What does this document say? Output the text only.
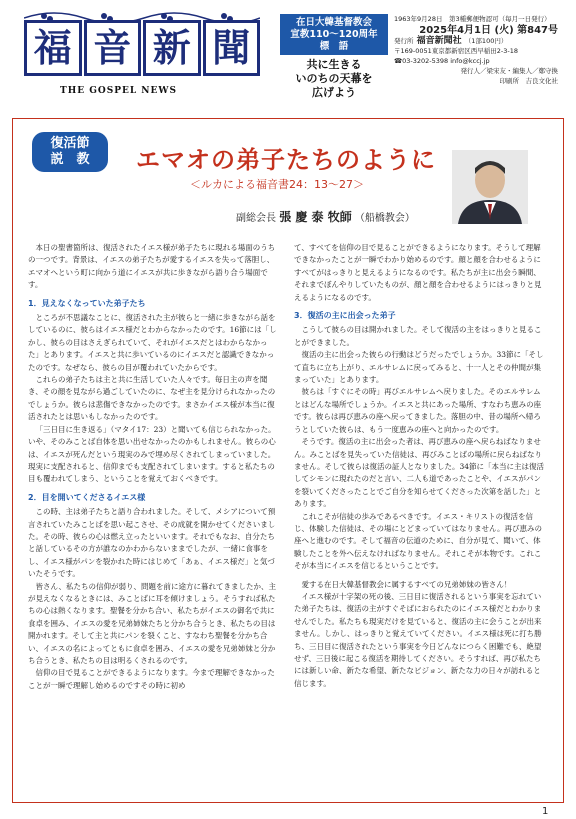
福 音 新 聞
THE GOSPEL NEWS
在日大韓基督教会
宣教110～120周年
標　語
共に生きる
いのちの天幕を
広げよう
1963年9月28日　第3種郵便物認可（毎月一日発行）
2025年4月1日 (火) 第847号
発行所 福音新聞社 （1部100円）
〒169-0051東京都新宿区西早稲田2-3-18
☎03-3202-5398 info@kccj.jp
発行人／梁宋友・編集人／鄭守換
印刷所　吉良文化社
復活節
説　教	エマオの弟子たちのように
＜ルカによる福音書24：13～27＞
副総会長 張 慶 泰 牧師 （船橋教会）

本日の聖書箇所は、復活されたイエス様が弟子たちに現れる場面のうちの一つです。背景は、イエスの弟子たちが愛するイエスを失って落胆し、エマオへという町に向かう道にイエスが共に歩きながら語り合う場面です。

1．見えなくなっていた弟子たち

ところが不思議なことに、復活された主が彼らと一緒に歩きながら話をしているのに、彼らはイエス様だとわからなかったのです。16節には「しかし、彼らの目はさえぎられていて、それがイエスだとはわからなかった」とあります。イエスと共に歩いているのにイエスだと認識できなかったのです。なぜなら、彼らの目が覆われていたからです。

これらの弟子たちは主と共に生活していた人々です。毎日主の声を聞き、その顔を見ながら過ごしていたのに、なぜ主を見分けられなかったのでしょうか。彼らは悲傷できなかったのです。まさかイエス様が本当に復活されたとは思いもしなかったのです。

「三日目に生き返る」（マタイ17：23）と聞いても信じられなかった。いや、そのみことば自体を思い出せなかったのかもしれません。彼らの心は、イエスが死んだという現実のみで埋め尽くされてしまっていました。現実に支配されると、信仰までも支配されてしまいます。すると私たちの目も覆われてしまう、ということを覚えておくべきです。

2．目を開いてくださるイエス様

この時、主は弟子たちと語り合われました。そして、メシアについて預言されていたみことばを思い起こさせ、その成就を開かせてくださいました。その時、彼らの心は燃え立ったといいます。それでもなお、自分たちと話しているその方が誰なのかわからないままでしたが、一緒に食事をし、イエス様がパンを裂かれた時にはじめて「あぁ、イエス様だ」と気づいたそうです。

皆さん、私たちの信仰が弱り、問題を前に途方に暮れてきましたか、主が見えなくなるときには、みことばに耳を傾けましょう。そうすれば私たちの心は熱くなります。聖餐を分かち合い、私たちがイエスの御名で共に食卓を囲み、イエスの愛を兄弟姉妹たちと分かち合うとき、私たちの目は開かれます。そして主と共にパンを裂くこと、すなわち聖餐を分かち合い、イエスの名によってともに食卓を囲み、イエスの愛を兄弟姉妹と分かち合うとき、私たちの目は明るくされるのです。

信仰の目で見ることができるようになります。今まで理解できなかったことが一瞬で理解し始めるのですその時に初め

て、すべてを信仰の目で見ることができるようになります。そうして理解できなかったことが一瞬でわかり始めるのです。顔と顔を合わせるようにすべてがはっきりと見えるようになるのです。私たちが主に出会う瞬間、それまでぼんやりしていたものが、顔と顔を合わせるようにはっきりと見えるようになるのです。

3．復活の主に出会った弟子

こうして彼らの目は開かれました。そして復活の主をはっきりと見ることができました。

復活の主に出会った彼らの行動はどうだったでしょうか。33節に「そして直ちに立ち上がり、エルサレムに戻ってみると、十一人とその仲間が集まっていた」とあります。

彼らは「すぐにその時」再びエルサレムへ戻りました。そのエルサレムとはどんな場所でしょうか。イエスと共にあった場所、すなわち恵みの座です。彼らは再び恵みの座へ戻ってきました。落胆の中、昔の場所へ帰ろうとしていた彼らは、もう一度恵みの座へと向かったのです。

そうです。復活の主に出会った者は、再び恵みの座へ戻らねばなりません。みことばを見失っていた信徒は、再びみことばの場所に戻らねばなりません。そして彼らは復活の証人となりました。34節に「本当に主は復活してシモンに現れたのだと言い、二人も道であったことや、イエスがパンを裂いてくださったことでご自分を知らせてくださった次第を話した」とあります。

これこそが信徒の歩みであるべきです。イエス・キリストの復活を信じ、体験した信徒は、その場にとどまっていてはなりません。再び恵みの座へと進むのです。そして福音の伝道のために、自分が見て、聞いて、体験したことを外へ伝えなければなりません。それこそが本物です。これこそが本当にイエスを信じるということです。

愛する在日大韓基督教会に属するすべての兄弟姉妹の皆さん！

イエス様が十字架の死の後、三日目に復活されるという事実を忘れていた弟子たちは、復活の主がすぐそばにおられたのにイエス様だとわかりませんでした。私たちも現実だけを見ていると、復活の主に会うことが出来ません。しかし、はっきりと覚えていてください。イエス様は死に打ち勝ち、三日目に復活されたという事実を今日どんなにつらく困難でも、絶望せず、三日後に起こる復活を期待してください。そうすれば、再び私たちには新しい命、新たな希望、新たなビジョン、新たな力の日々が訪れると信じます。

1
